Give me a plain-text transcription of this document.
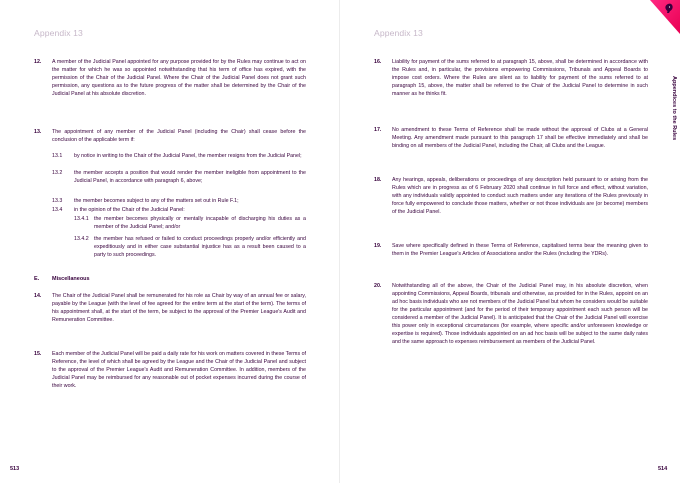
Appendix 13
12. A member of the Judicial Panel appointed for any purpose provided for by the Rules may continue to act on the matter for which he was so appointed notwithstanding that his term of office has expired, with the permission of the Chair of the Judicial Panel. Where the Chair of the Judicial Panel does not grant such permission, any questions as to the future progress of the matter shall be determined by the Chair of the Judicial Panel at his absolute discretion.
13. The appointment of any member of the Judicial Panel (including the Chair) shall cease before the conclusion of the applicable term if:
13.1 by notice in writing to the Chair of the Judicial Panel, the member resigns from the Judicial Panel;
13.2 the member accepts a position that would render the member ineligible from appointment to the Judicial Panel, in accordance with paragraph 6, above;
13.3 the member becomes subject to any of the matters set out in Rule F.1;
13.4 in the opinion of the Chair of the Judicial Panel:
13.4.1 the member becomes physically or mentally incapable of discharging his duties as a member of the Judicial Panel; and/or
13.4.2 the member has refused or failed to conduct proceedings properly and/or efficiently and expeditiously and in either case substantial injustice has as a result been caused to a party to such proceedings.
E. Miscellaneous
14. The Chair of the Judicial Panel shall be remunerated for his role as Chair by way of an annual fee or salary, payable by the League (with the level of fee agreed for the entire term at the start of the term). The terms of his appointment shall, at the start of the term, be subject to the approval of the Premier League's Audit and Remuneration Committee.
15. Each member of the Judicial Panel will be paid a daily rate for his work on matters covered in these Terms of Reference, the level of which shall be agreed by the League and the Chair of the Judicial Panel and subject to the approval of the Premier League's Audit and Remuneration Committee. In addition, members of the Judicial Panel may be reimbursed for any reasonable out of pocket expenses incurred during the course of their work.
513
Appendix 13
Appendices to the Rules
16. Liability for payment of the sums referred to at paragraph 15, above, shall be determined in accordance with the Rules and, in particular, the provisions empowering Commissions, Tribunals and Appeal Boards to impose cost orders. Where the Rules are silent as to liability for payment of the sums referred to at paragraph 15, above, the matter shall be referred to the Chair of the Judicial Panel to determine in such manner as he thinks fit.
17. No amendment to these Terms of Reference shall be made without the approval of Clubs at a General Meeting. Any amendment made pursuant to this paragraph 17 shall be effective immediately and shall be binding on all members of the Judicial Panel, including the Chair, all Clubs and the League.
18. Any hearings, appeals, deliberations or proceedings of any description held pursuant to or arising from the Rules which are in progress as of 6 February 2020 shall continue in full force and effect, without variation, with any individuals validly appointed to conduct such matters under any iterations of the Rules previously in force fully empowered to conclude those matters, whether or not those individuals are (or become) members of the Judicial Panel.
19. Save where specifically defined in these Terms of Reference, capitalised terms bear the meaning given to them in the Premier League's Articles of Associations and/or the Rules (including the YDRs).
20. Notwithstanding all of the above, the Chair of the Judicial Panel may, in his absolute discretion, when appointing Commissions, Appeal Boards, tribunals and otherwise, as provided for in the Rules, appoint on an ad hoc basis individuals who are not members of the Judicial Panel but whom he considers would be suitable for the particular appointment (and for the period of their temporary appointment each such person will be considered a member of the Judicial Panel). It is anticipated that the Chair of the Judicial Panel will exercise this power only in exceptional circumstances (for example, where specific and/or unforeseen knowledge or expertise is required). Those individuals appointed on an ad hoc basis will be subject to the same daily rates and the same approach to expenses reimbursement as members of the Judicial Panel.
514
